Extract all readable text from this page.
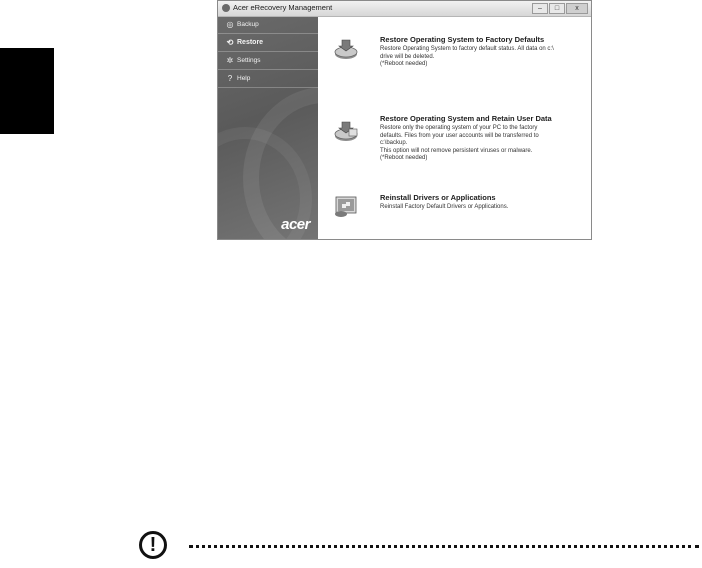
Acer eRecovery Management	–	□	x
◎ Backup
⟲ Restore
✲ Settings
? Help
acer
Restore Operating System to Factory Defaults
Restore Operating System to factory default status. All data on c:\
drive will be deleted.
(*Reboot needed)
Restore Operating System and Retain User Data
Restore only the operating system of your PC to the factory
defaults. Files from your user accounts will be transferred to
c:\backup.
This option will not remove persistent viruses or malware.
(*Reboot needed)
Reinstall Drivers or Applications
Reinstall Factory Default Drivers or Applications.
!
